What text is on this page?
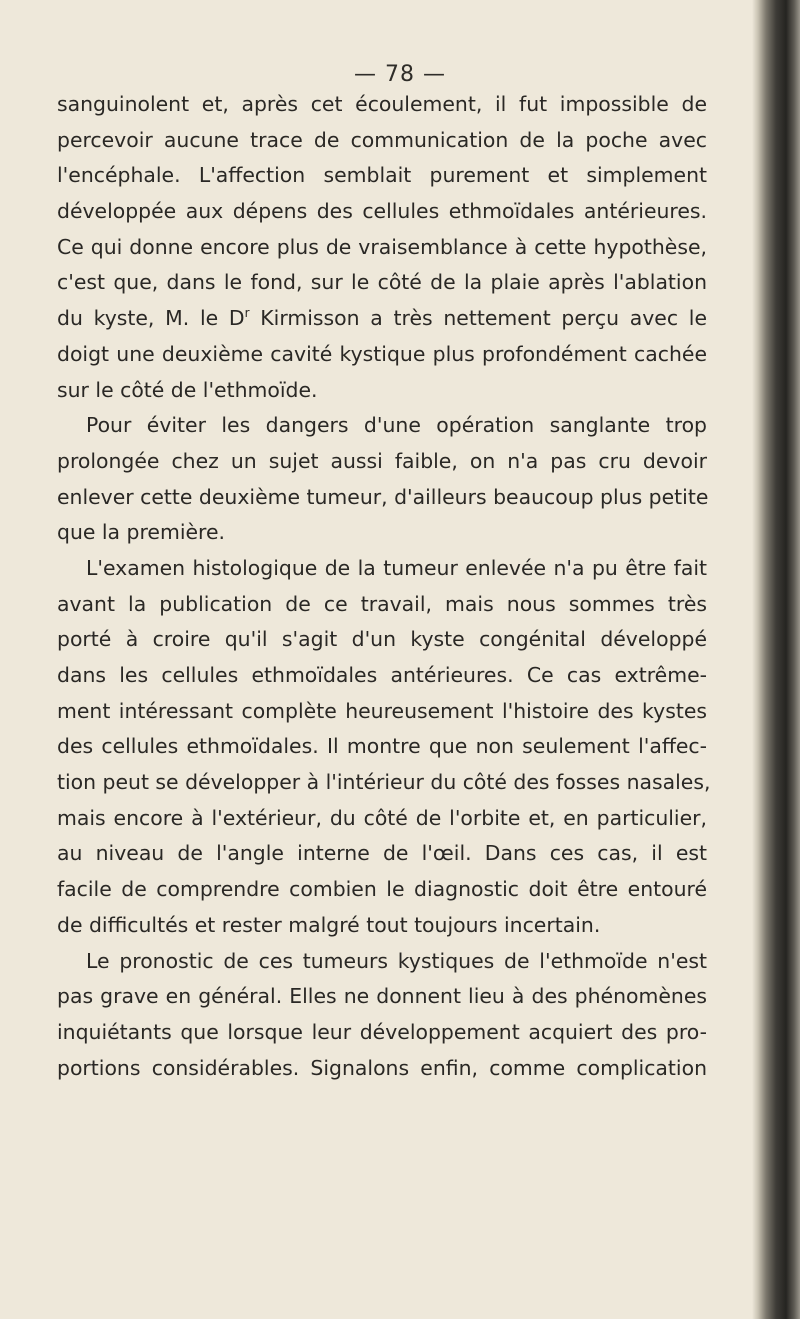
— 78 —
sanguinolent et, après cet écoulement, il fut impossible de
percevoir aucune trace de communication de la poche avec
l'encéphale. L'affection semblait purement et simplement
développée aux dépens des cellules ethmoïdales antérieures.
Ce qui donne encore plus de vraisemblance à cette hypothèse,
c'est que, dans le fond, sur le côté de la plaie après l'ablation
du kyste, M. le $D^r$ Kirmisson a très nettement perçu avec le
doigt une deuxième cavité kystique plus profondément cachée
sur le côté de l'ethmoïde.
Pour éviter les dangers d'une opération sanglante trop
prolongée chez un sujet aussi faible, on n'a pas cru devoir
enlever cette deuxième tumeur, d'ailleurs beaucoup plus petite
que la première.
L'examen histologique de la tumeur enlevée n'a pu être fait
avant la publication de ce travail, mais nous sommes très
porté à croire qu'il s'agit d'un kyste congénital développé
dans les cellules ethmoïdales antérieures. Ce cas extrême-
ment intéressant complète heureusement l'histoire des kystes
des cellules ethmoïdales. Il montre que non seulement l'affec-
tion peut se développer à l'intérieur du côté des fosses nasales,
mais encore à l'extérieur, du côté de l'orbite et, en particulier,
au niveau de l'angle interne de l'œil. Dans ces cas, il est
facile de comprendre combien le diagnostic doit être entouré
de difficultés et rester malgré tout toujours incertain.
Le pronostic de ces tumeurs kystiques de l'ethmoïde n'est
pas grave en général. Elles ne donnent lieu à des phénomènes
inquiétants que lorsque leur développement acquiert des pro-
portions considérables. Signalons enfin, comme complication
